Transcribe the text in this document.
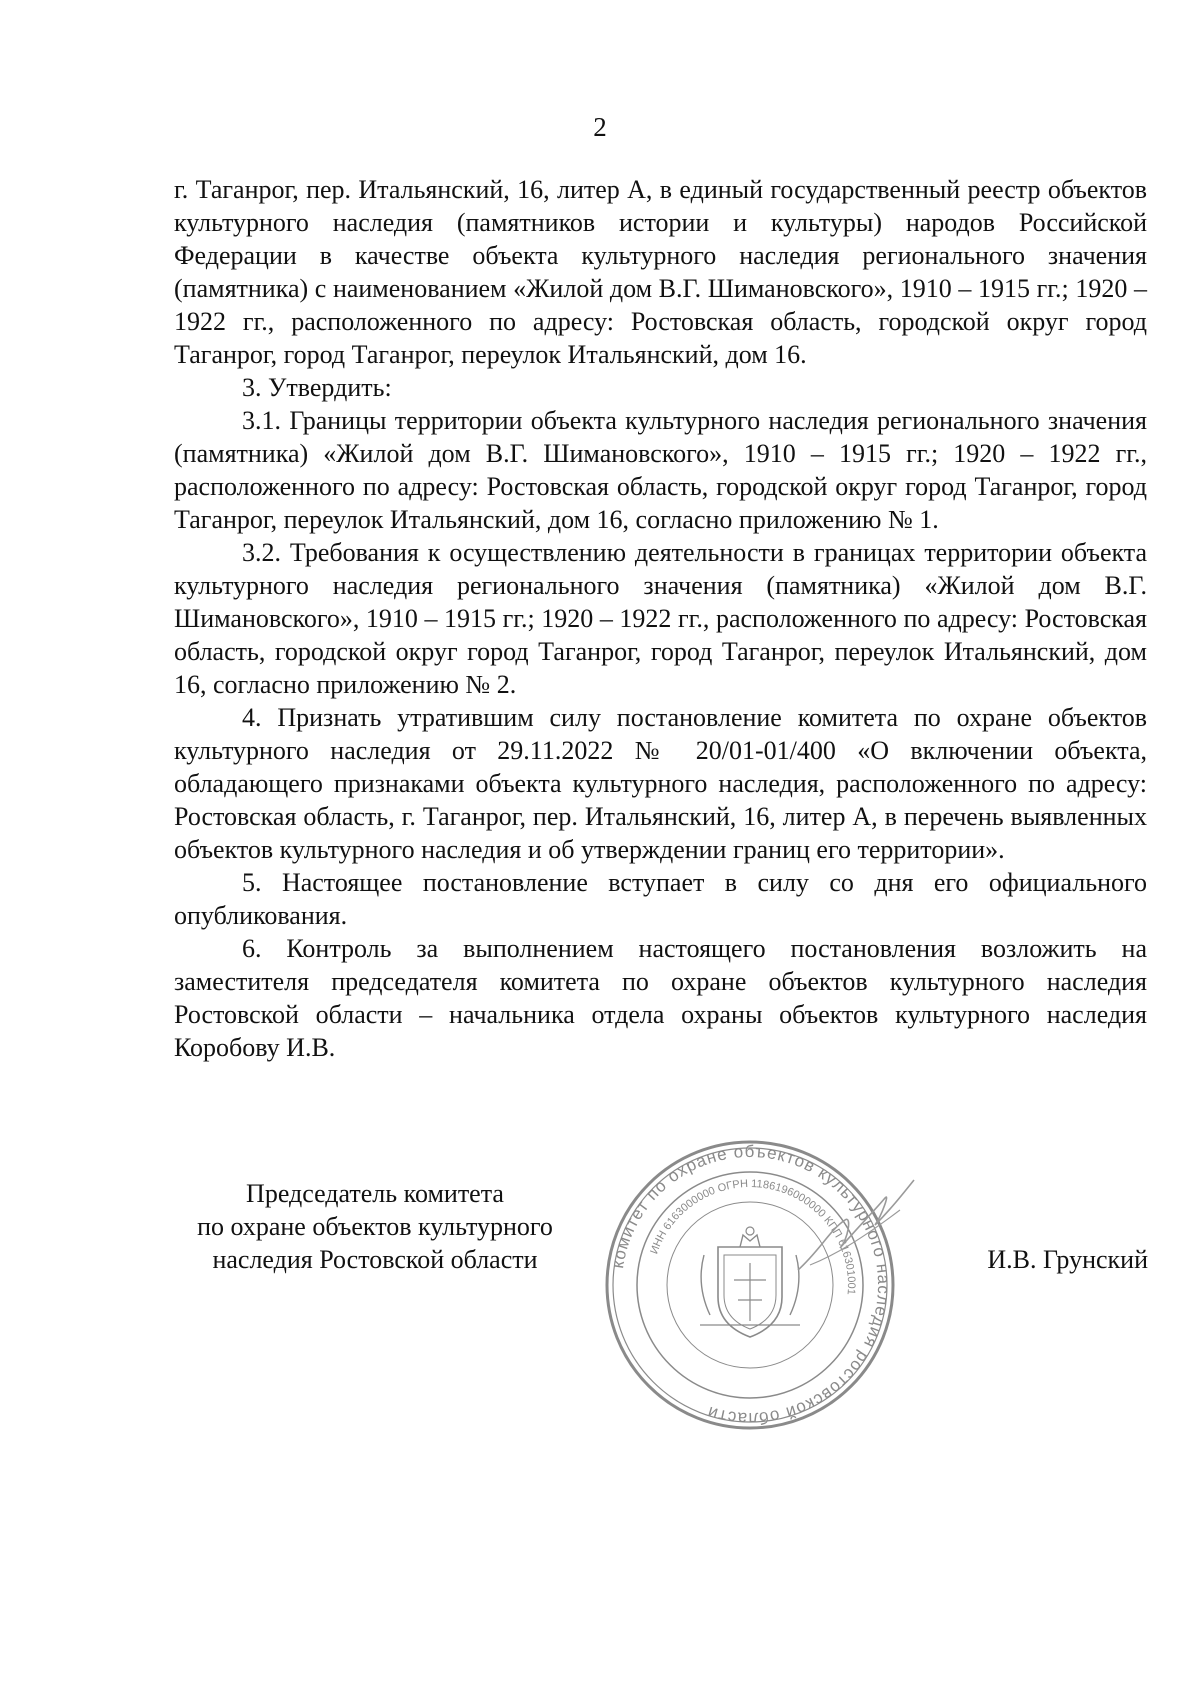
2

г. Таганрог, пер. Итальянский, 16, литер А, в единый государственный реестр объектов культурного наследия (памятников истории и культуры) народов Российской Федерации в качестве объекта культурного наследия регионального значения (памятника) с наименованием «Жилой дом В.Г. Шимановского», 1910 – 1915 гг.; 1920 – 1922 гг., расположенного по адресу: Ростовская область, городской округ город Таганрог, город Таганрог, переулок Итальянский, дом 16.

3. Утвердить:

3.1. Границы территории объекта культурного наследия регионального значения (памятника) «Жилой дом В.Г. Шимановского», 1910 – 1915 гг.; 1920 – 1922 гг., расположенного по адресу: Ростовская область, городской округ город Таганрог, город Таганрог, переулок Итальянский, дом 16, согласно приложению № 1.

3.2. Требования к осуществлению деятельности в границах территории объекта культурного наследия регионального значения (памятника) «Жилой дом В.Г. Шимановского», 1910 – 1915 гг.; 1920 – 1922 гг., расположенного по адресу: Ростовская область, городской округ город Таганрог, город Таганрог, переулок Итальянский, дом 16, согласно приложению № 2.

4. Признать утратившим силу постановление комитета по охране объектов культурного наследия от 29.11.2022 № 20/01-01/400 «О включении объекта, обладающего признаками объекта культурного наследия, расположенного по адресу: Ростовская область, г. Таганрог, пер. Итальянский, 16, литер А, в перечень выявленных объектов культурного наследия и об утверждении границ его территории».

5. Настоящее постановление вступает в силу со дня его официального опубликования.

6. Контроль за выполнением настоящего постановления возложить на заместителя председателя комитета по охране объектов культурного наследия Ростовской области – начальника отдела охраны объектов культурного наследия Коробову И.В.

Председатель комитета
по охране объектов культурного
наследия Ростовской области	комитет по охране объектов культурного наследия ростовской области
ИНН 6163000000 ОГРН 1186196000000 КПП 616301001
И.В. Грунский
